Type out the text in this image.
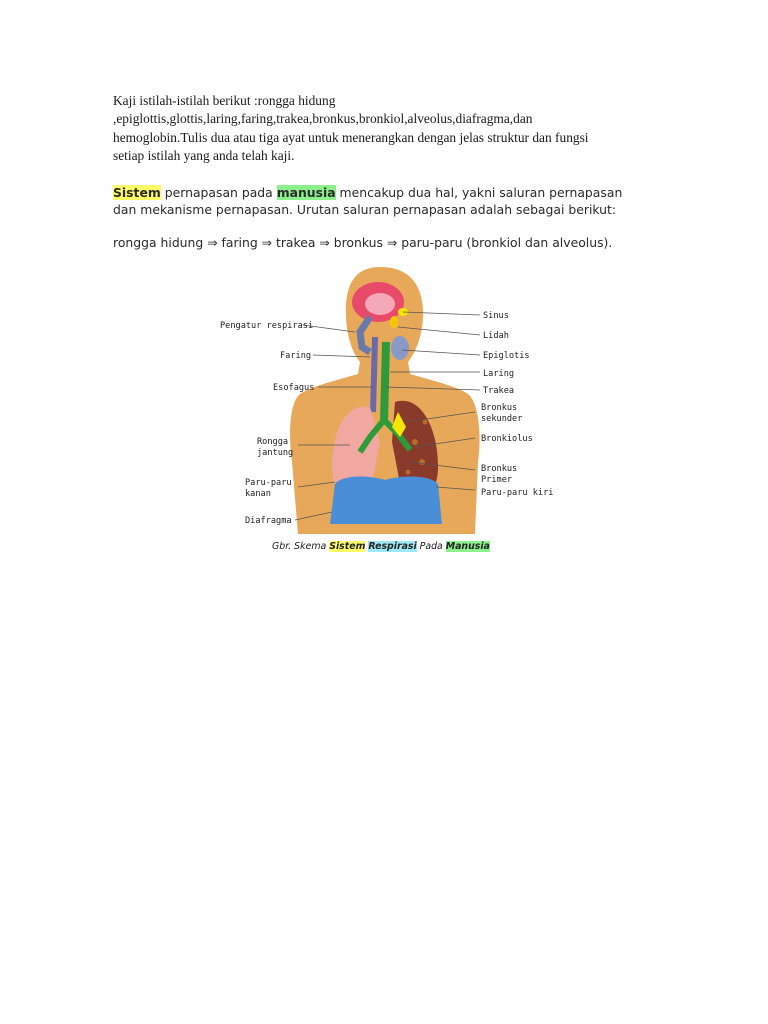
Kaji istilah-istilah berikut :rongga hidung
,epiglottis,glottis,laring,faring,trakea,bronkus,bronkiol,alveolus,diafragma,dan
hemoglobin.Tulis dua atau tiga ayat untuk menerangkan dengan jelas struktur dan fungsi
setiap istilah yang anda telah kaji.
Sistem pernapasan pada manusia mencakup dua hal, yakni saluran pernapasan
dan mekanisme pernapasan. Urutan saluran pernapasan adalah sebagai berikut:
rongga hidung ⇒ faring ⇒ trakea ⇒ bronkus ⇒ paru-paru (bronkiol dan alveolus).
Pengatur respirasi
Faring
Esofagus
Rongga
jantung
Paru-paru
kanan
Diafragma
Sinus
Lidah
Epiglotis
Laring
Trakea
Bronkus
sekunder
Bronkiolus
Bronkus
Primer
Paru-paru kiri
Gbr. Skema Sistem Respirasi Pada Manusia
